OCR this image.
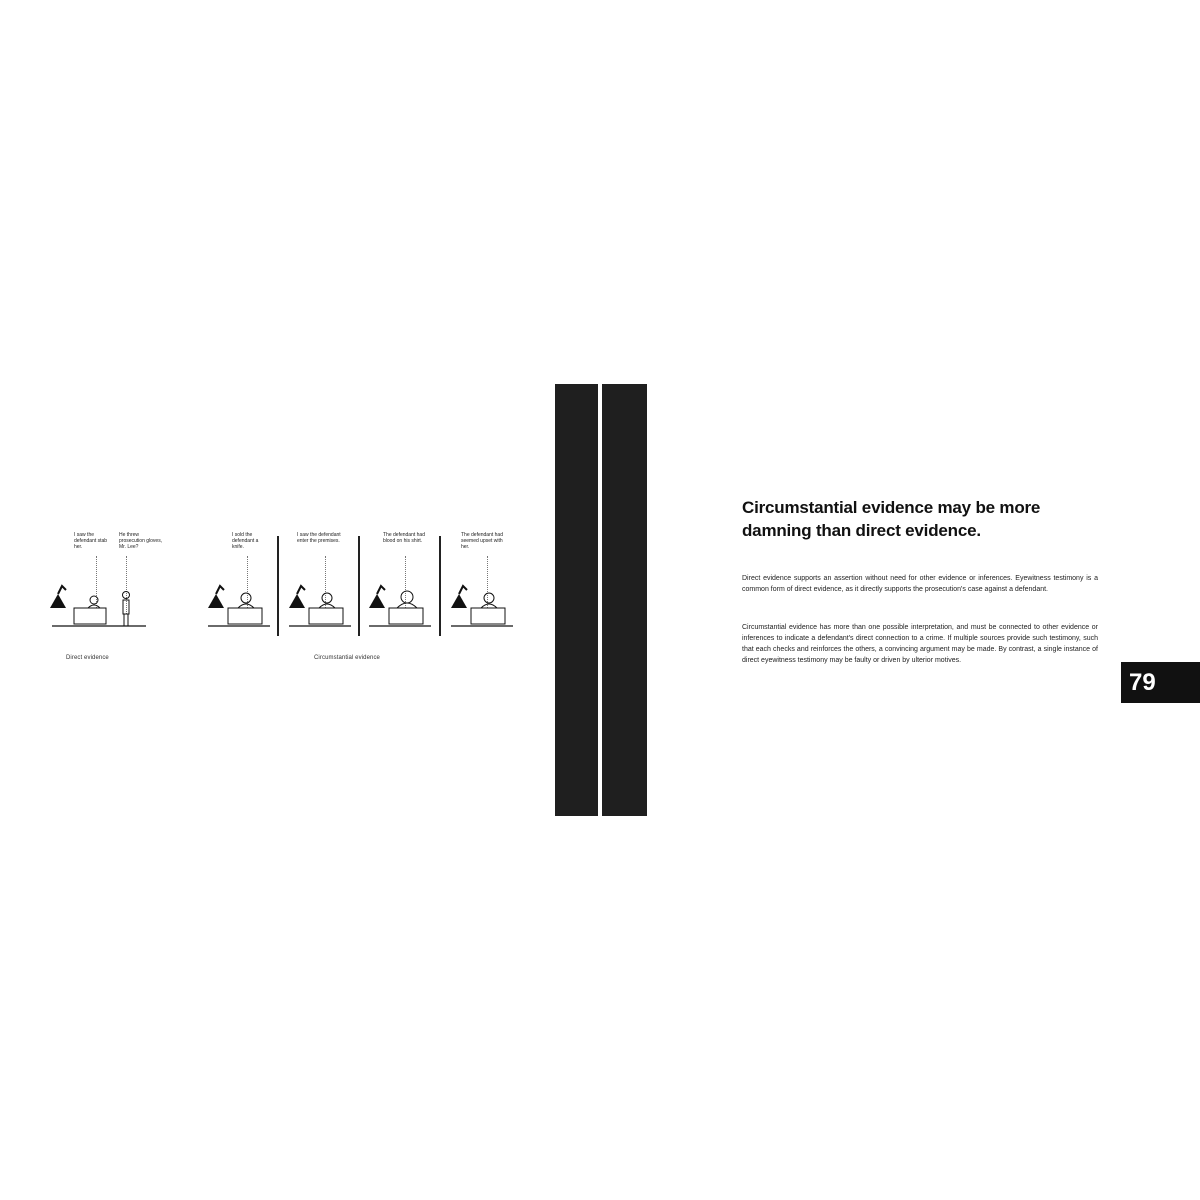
I saw the defendant stab her.
He threw prosecution gloves, Mr. Lee?
Direct evidence
I sold the defendant a knife.
I saw the defendant enter the premises.
The defendant had blood on his shirt.
The defendant had seemed upset with her.
Circumstantial evidence
Circumstantial evidence may be more damning than direct evidence.
Direct evidence supports an assertion without need for other evidence or inferences. Eyewitness testimony is a common form of direct evidence, as it directly supports the prosecution's case against a defendant.
Circumstantial evidence has more than one possible interpretation, and must be connected to other evidence or inferences to indicate a defendant's direct connection to a crime. If multiple sources provide such testimony, such that each checks and reinforces the others, a convincing argument may be made. By contrast, a single instance of direct eyewitness testimony may be faulty or driven by ulterior motives.
79
